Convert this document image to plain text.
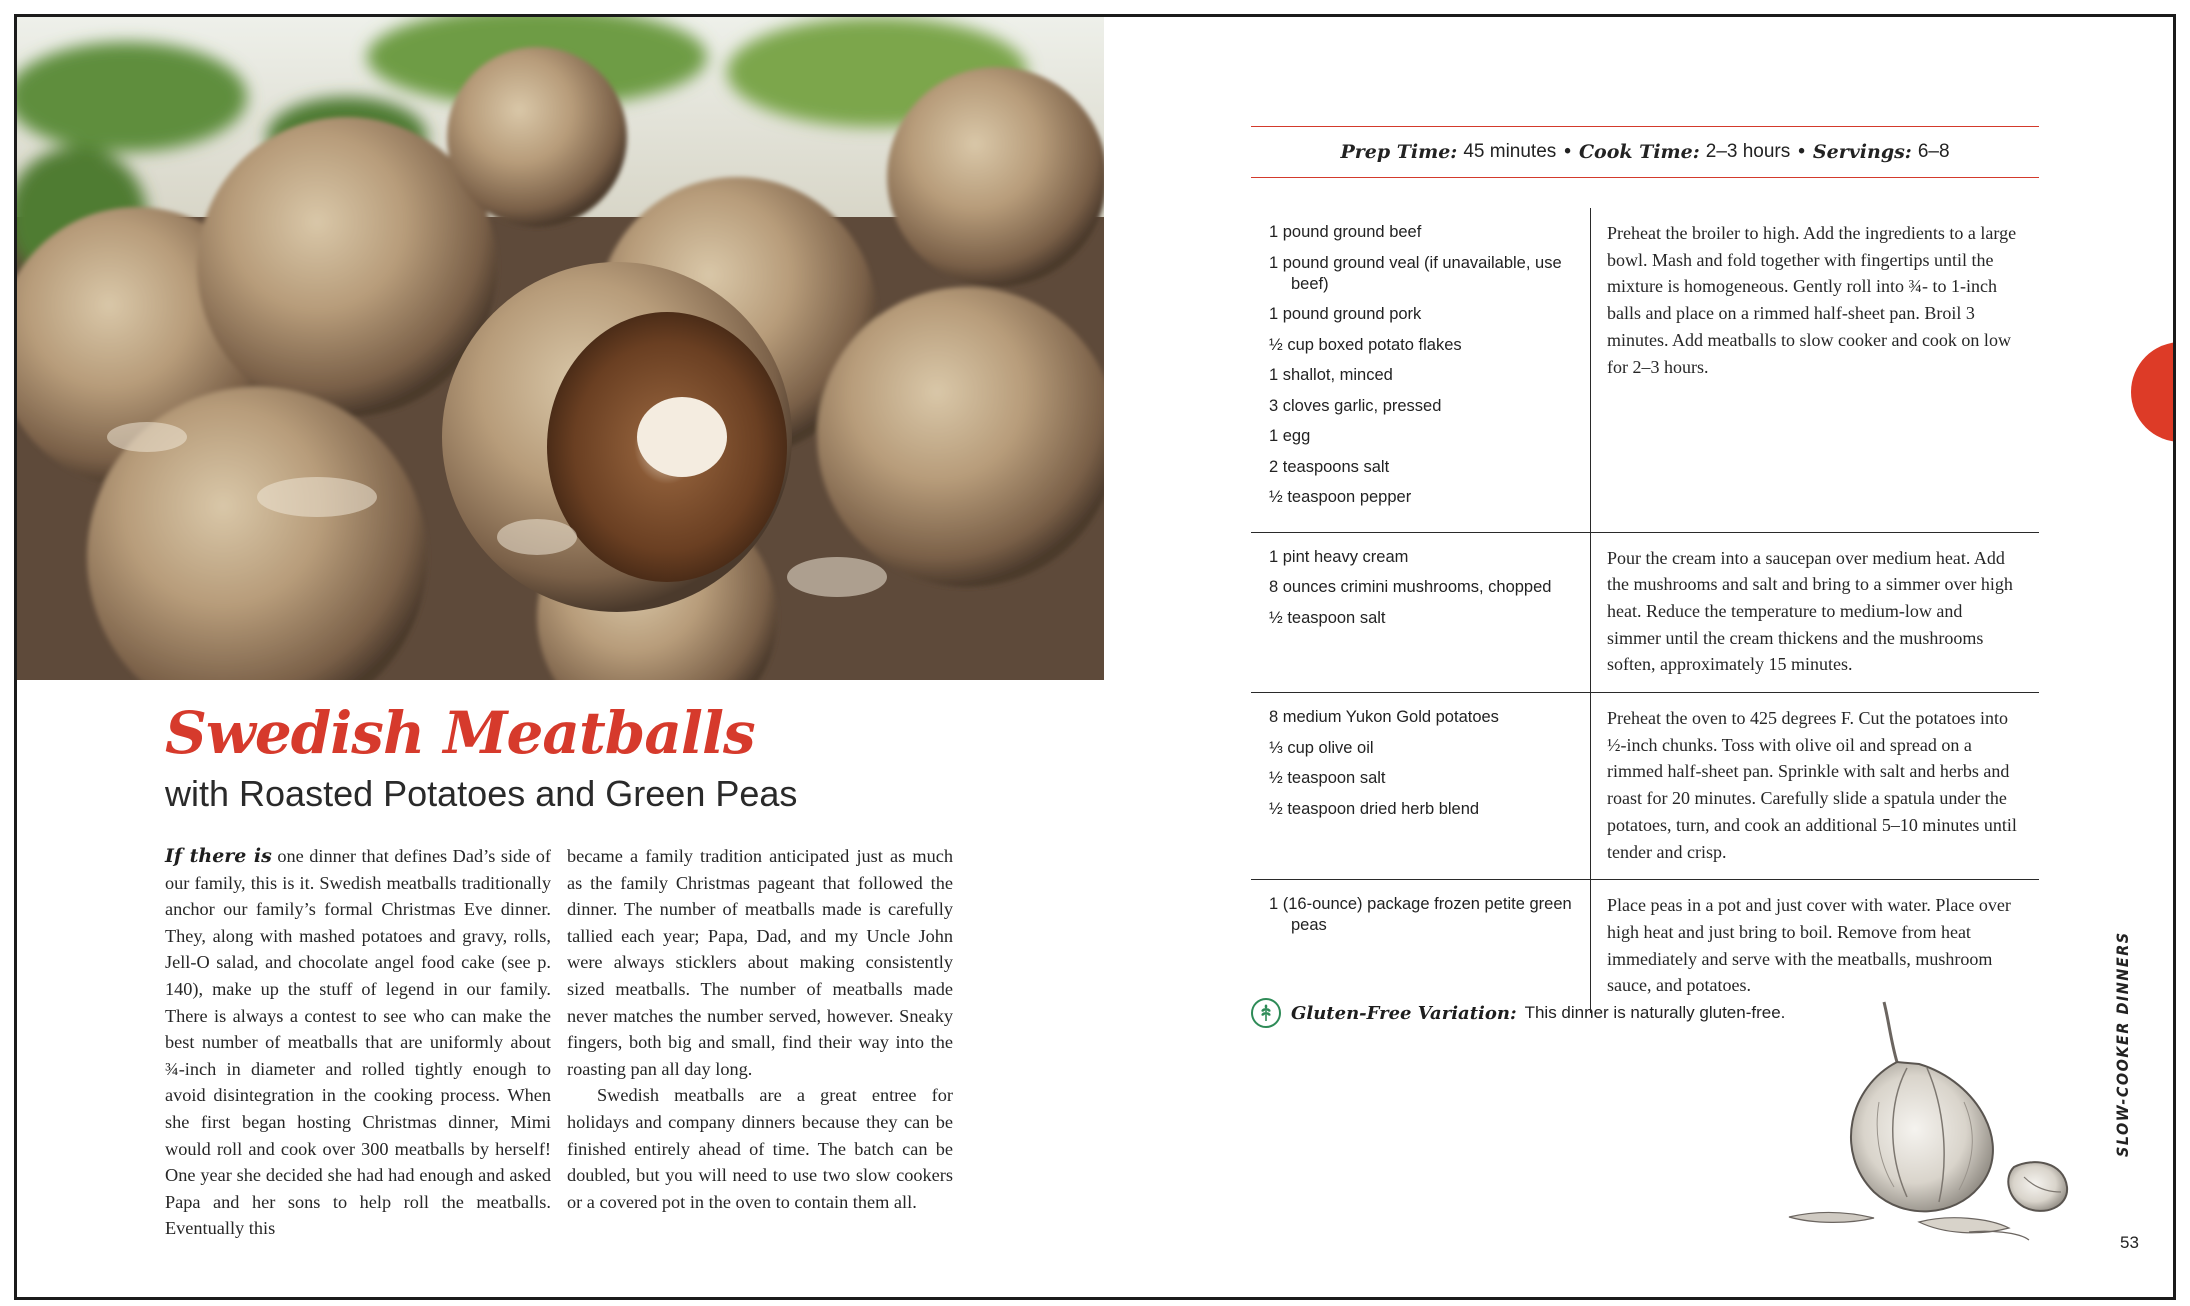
Swedish Meatballs
with Roasted Potatoes and Green Peas

If there is one dinner that defines Dad’s side of our family, this is it. Swedish meatballs traditionally anchor our family’s formal Christmas Eve dinner. They, along with mashed potatoes and gravy, rolls, Jell-O salad, and chocolate angel food cake (see p. 140), make up the stuff of legend in our family. There is always a contest to see who can make the best number of meatballs that are uniformly about ¾-inch in diameter and rolled tightly enough to avoid disintegration in the cooking process. When she first began hosting Christmas dinner, Mimi would roll and cook over 300 meatballs by herself! One year she decided she had had enough and asked Papa and her sons to help roll the meatballs. Eventually this

became a family tradition anticipated just as much as the family Christmas pageant that followed the dinner. The number of meatballs made is carefully tallied each year; Papa, Dad, and my Uncle John were always sticklers about making consistently sized meatballs. The number of meatballs made never matches the number served, however. Sneaky fingers, both big and small, find their way into the roasting pan all day long.

Swedish meatballs are a great entree for holidays and company dinners because they can be finished entirely ahead of time. The batch can be doubled, but you will need to use two slow cookers or a covered pot in the oven to contain them all.

Prep Time: 45 minutes • Cook Time: 2–3 hours • Servings: 6–8
1 pound ground beef
1 pound ground veal (if unavailable, use beef)
1 pound ground pork
½ cup boxed potato flakes
1 shallot, minced
3 cloves garlic, pressed
1 egg
2 teaspoons salt
½ teaspoon pepper
Preheat the broiler to high. Add the ingredients to a large bowl. Mash and fold together with fingertips until the mixture is homogeneous. Gently roll into ¾- to 1-inch balls and place on a rimmed half-sheet pan. Broil 3 minutes. Add meatballs to slow cooker and cook on low for 2–3 hours.
1 pint heavy cream
8 ounces crimini mushrooms, chopped
½ teaspoon salt
Pour the cream into a saucepan over medium heat. Add the mushrooms and salt and bring to a simmer over high heat. Reduce the temperature to medium-low and simmer until the cream thickens and the mushrooms soften, approximately 15 minutes.
8 medium Yukon Gold potatoes
⅓ cup olive oil
½ teaspoon salt
½ teaspoon dried herb blend
Preheat the oven to 425 degrees F. Cut the potatoes into ½-inch chunks. Toss with olive oil and spread on a rimmed half-sheet pan. Sprinkle with salt and herbs and roast for 20 minutes. Carefully slide a spatula under the potatoes, turn, and cook an additional 5–10 minutes until tender and crisp.
1 (16-ounce) package frozen petite green peas
Place peas in a pot and just cover with water. Place over high heat and just bring to boil. Remove from heat immediately and serve with the meatballs, mushroom sauce, and potatoes.
Gluten-Free Variation: This dinner is naturally gluten-free.	SLOW-COOKER DINNERS
53
